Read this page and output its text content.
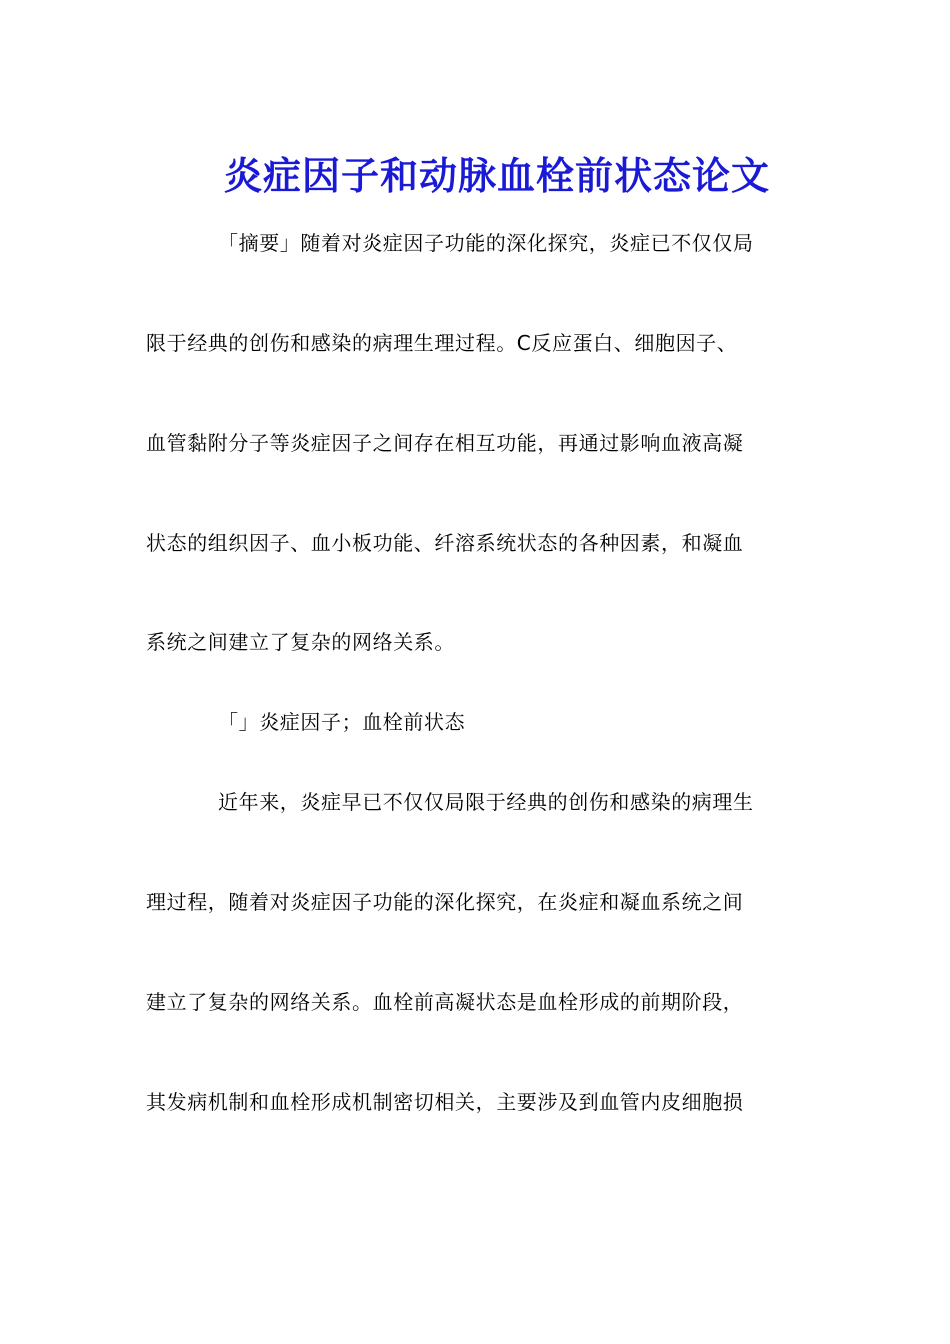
炎症因子和动脉血栓前状态论文
「摘要」随着对炎症因子功能的深化探究，炎症已不仅仅局
限于经典的创伤和感染的病理生理过程。C反应蛋白、细胞因子、
血管黏附分子等炎症因子之间存在相互功能，再通过影响血液高凝
状态的组织因子、血小板功能、纤溶系统状态的各种因素，和凝血
系统之间建立了复杂的网络关系。
「」炎症因子；血栓前状态
近年来，炎症早已不仅仅局限于经典的创伤和感染的病理生
理过程，随着对炎症因子功能的深化探究，在炎症和凝血系统之间
建立了复杂的网络关系。血栓前高凝状态是血栓形成的前期阶段，
其发病机制和血栓形成机制密切相关，主要涉及到血管内皮细胞损
